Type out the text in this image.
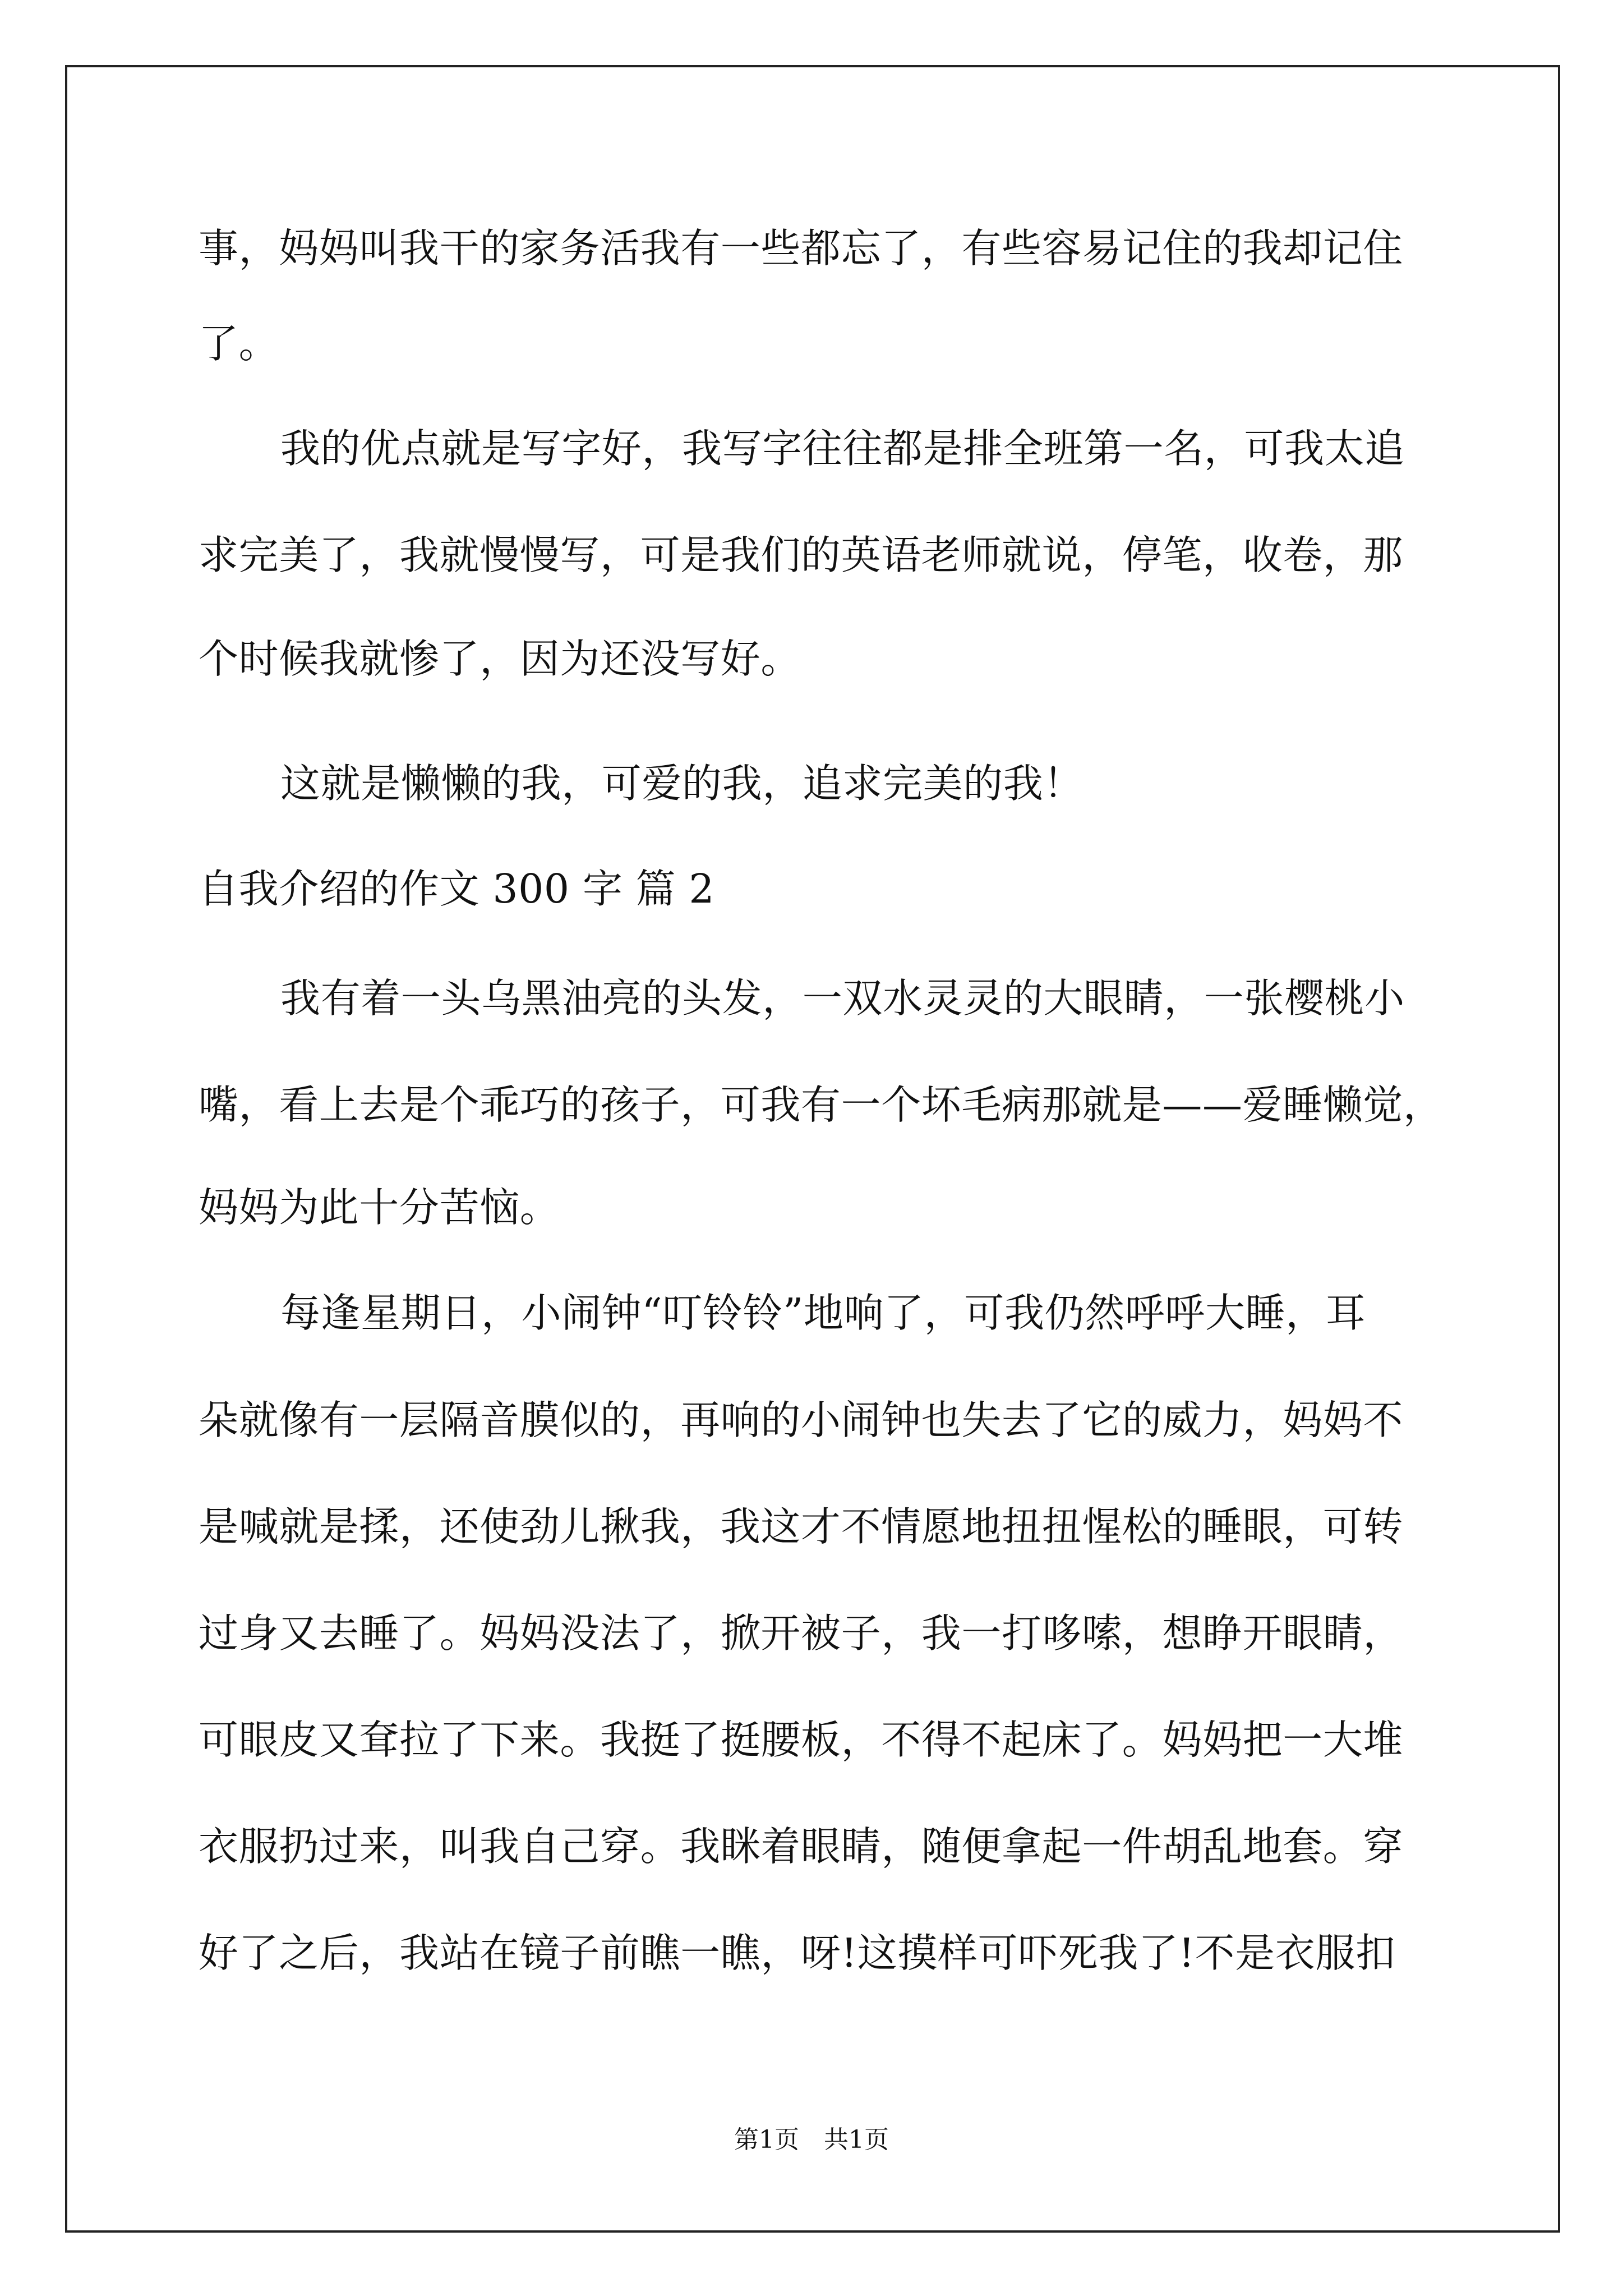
事，妈妈叫我干的家务活我有一些都忘了，有些容易记住的我却记住
了。
我的优点就是写字好，我写字往往都是排全班第一名，可我太追
求完美了，我就慢慢写，可是我们的英语老师就说，停笔，收卷，那
个时候我就惨了，因为还没写好。
这就是懒懒的我，可爱的我，追求完美的我！
自我介绍的作文 300 字 篇 2
我有着一头乌黑油亮的头发，一双水灵灵的大眼睛，一张樱桃小
嘴，看上去是个乖巧的孩子，可我有一个坏毛病那就是——爱睡懒觉，
妈妈为此十分苦恼。
每逢星期日，小闹钟“叮铃铃”地响了，可我仍然呼呼大睡，耳
朵就像有一层隔音膜似的，再响的小闹钟也失去了它的威力，妈妈不
是喊就是揉，还使劲儿揪我，我这才不情愿地扭扭惺松的睡眼，可转
过身又去睡了。妈妈没法了，掀开被子，我一打哆嗦，想睁开眼睛，
可眼皮又耷拉了下来。我挺了挺腰板，不得不起床了。妈妈把一大堆
衣服扔过来，叫我自己穿。我眯着眼睛，随便拿起一件胡乱地套。穿
好了之后，我站在镜子前瞧一瞧，呀!这摸样可吓死我了!不是衣服扣
第1页　共1页
